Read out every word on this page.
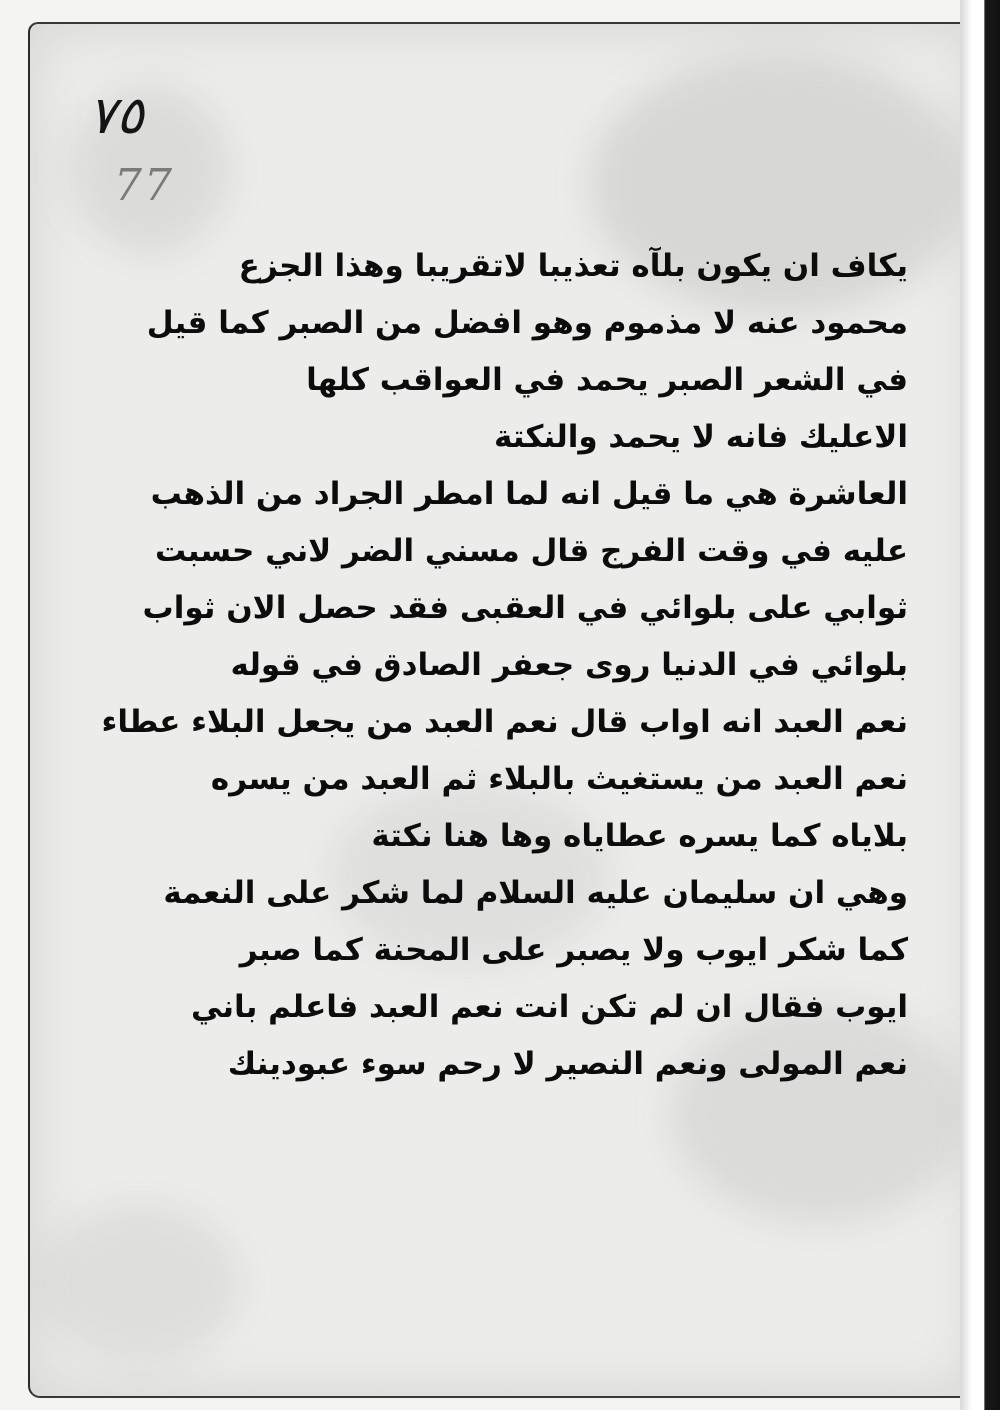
٧٥
77
يكاف ان يكون بلآه تعذيبا لاتقريبا وهذا الجزع
محمود عنه لا مذموم وهو افضل من الصبر كما قيل
في الشعر الصبر يحمد في العواقب كلها
الاعليك فانه لا يحمد والنكتة
العاشرة هي ما قيل انه لما امطر الجراد من الذهب
عليه في وقت الفرج قال مسني الضر لاني حسبت
ثوابي على بلوائي في العقبى فقد حصل الان ثواب
بلوائي في الدنيا روى جعفر الصادق في قوله
نعم العبد انه اواب قال نعم العبد من يجعل البلاء عطاء
نعم العبد من يستغيث بالبلاء ثم العبد من يسره
بلاياه كما يسره عطاياه وها هنا نكتة
وهي ان سليمان عليه السلام لما شكر على النعمة
كما شكر ايوب ولا يصبر على المحنة كما صبر
ايوب فقال ان لم تكن انت نعم العبد فاعلم باني
نعم المولى ونعم النصير لا رحم سوء عبودينك
